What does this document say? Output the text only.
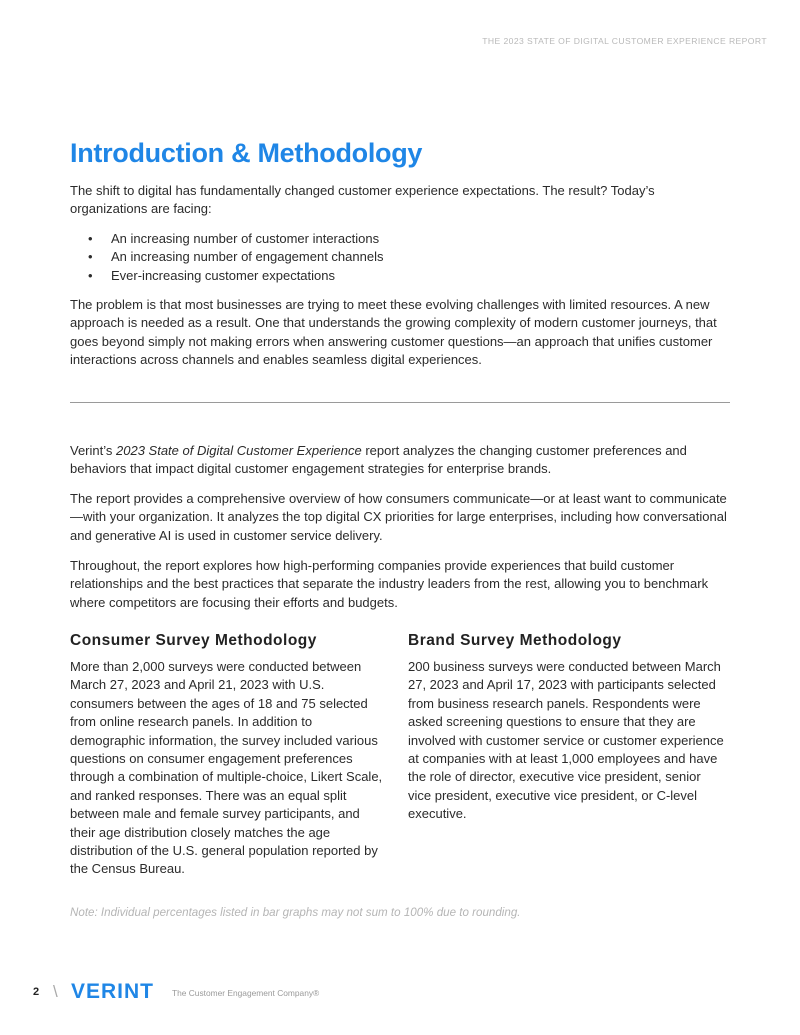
THE 2023 STATE OF DIGITAL CUSTOMER EXPERIENCE REPORT
Introduction & Methodology

The shift to digital has fundamentally changed customer experience expectations. The result? Today’s organizations are facing:

• An increasing number of customer interactions
• An increasing number of engagement channels
• Ever-increasing customer expectations

The problem is that most businesses are trying to meet these evolving challenges with limited resources. A new approach is needed as a result. One that understands the growing complexity of modern customer journeys, that goes beyond simply not making errors when answering customer questions—an approach that unifies customer interactions across channels and enables seamless digital experiences.

Verint’s 2023 State of Digital Customer Experience report analyzes the changing customer preferences and behaviors that impact digital customer engagement strategies for enterprise brands.

The report provides a comprehensive overview of how consumers communicate—or at least want to communicate—with your organization. It analyzes the top digital CX priorities for large enterprises, including how conversational and generative AI is used in customer service delivery.

Throughout, the report explores how high-performing companies provide experiences that build customer relationships and the best practices that separate the industry leaders from the rest, allowing you to benchmark where competitors are focusing their efforts and budgets.

Consumer Survey Methodology

More than 2,000 surveys were conducted between March 27, 2023 and April 21, 2023 with U.S. consumers between the ages of 18 and 75 selected from online research panels. In addition to demographic information, the survey included various questions on consumer engagement preferences through a combination of multiple-choice, Likert Scale, and ranked responses. There was an equal split between male and female survey participants, and their age distribution closely matches the age distribution of the U.S. general population reported by the Census Bureau.

Brand Survey Methodology

200 business surveys were conducted between March 27, 2023 and April 17, 2023 with participants selected from business research panels. Respondents were asked screening questions to ensure that they are involved with customer service or customer experience at companies with at least 1,000 employees and have the role of director, executive vice president, senior vice president, executive vice president, or C-level executive.

Note: Individual percentages listed in bar graphs may not sum to 100% due to rounding.

2 \ VERINT The Customer Engagement Company®
